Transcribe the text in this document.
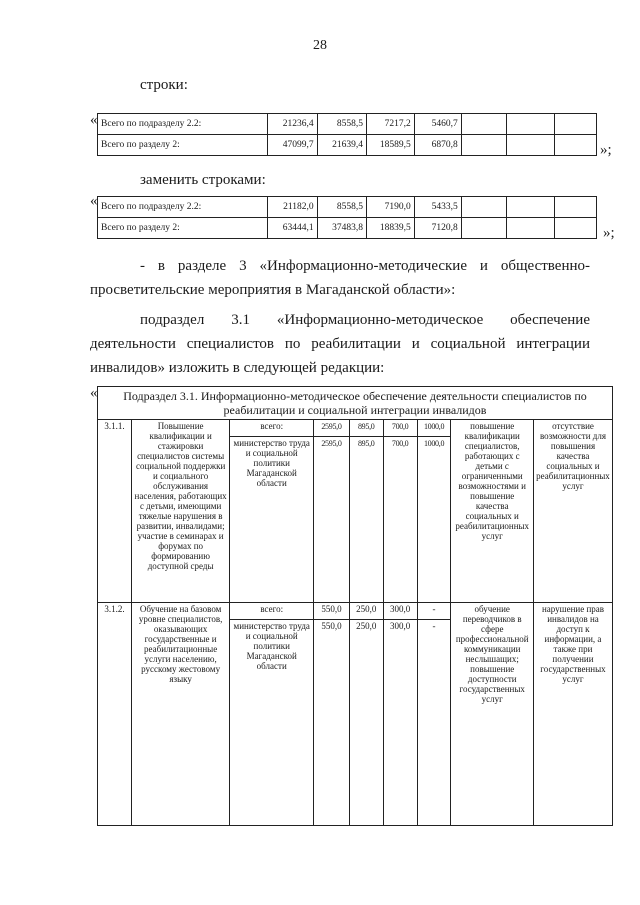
28
строки:
« Всего по подразделу 2.2:	21236,4	8558,5	7217,2	5460,7			
Всего по разделу 2:	47099,7	21639,4	18589,5	6870,8				»;
заменить строками:
« Всего по подразделу 2.2:	21182,0	8558,5	7190,0	5433,5			
Всего по разделу 2:	63444,1	37483,8	18839,5	7120,8				»;
- в разделе 3 «Информационно-методические и общественно-
просветительские мероприятия в Магаданской области»:
подраздел 3.1 «Информационно-методическое обеспечение
деятельности специалистов по реабилитации и социальной интеграции
инвалидов» изложить в следующей редакции:
« Подраздел 3.1. Информационно-методическое обеспечение деятельности специалистов по реабилитации и социальной интеграции инвалидов								
3.1.1.	Повышение квалификации и стажировки специалистов системы социальной поддержки и социального обслуживания населения, работающих с детьми, имеющими тяжелые нарушения в развитии, инвалидами; участие в семинарах и форумах по формированию доступной среды	всего:	2595,0	895,0	700,0	1000,0	повышение квалификации специалистов, работающих с детьми с ограниченными возможностями и повышение качества социальных и реабилитационных услуг	отсутствие возможности для повышения качества социальных и реабилитационных услуг
		министерство труда и социальной политики Магаданской области	2595,0	895,0	700,0	1000,0		
3.1.2.	Обучение на базовом уровне специалистов, оказывающих государственные и реабилитационные услуги населению, русскому жестовому языку	всего:	550,0	250,0	300,0	-	обучение переводчиков в сфере профессиональной коммуникации неслышащих; повышение доступности государственных услуг	нарушение прав инвалидов на доступ к информации, а также при получении государственных услуг
		министерство труда и социальной политики Магаданской области	550,0	250,0	300,0	-		
